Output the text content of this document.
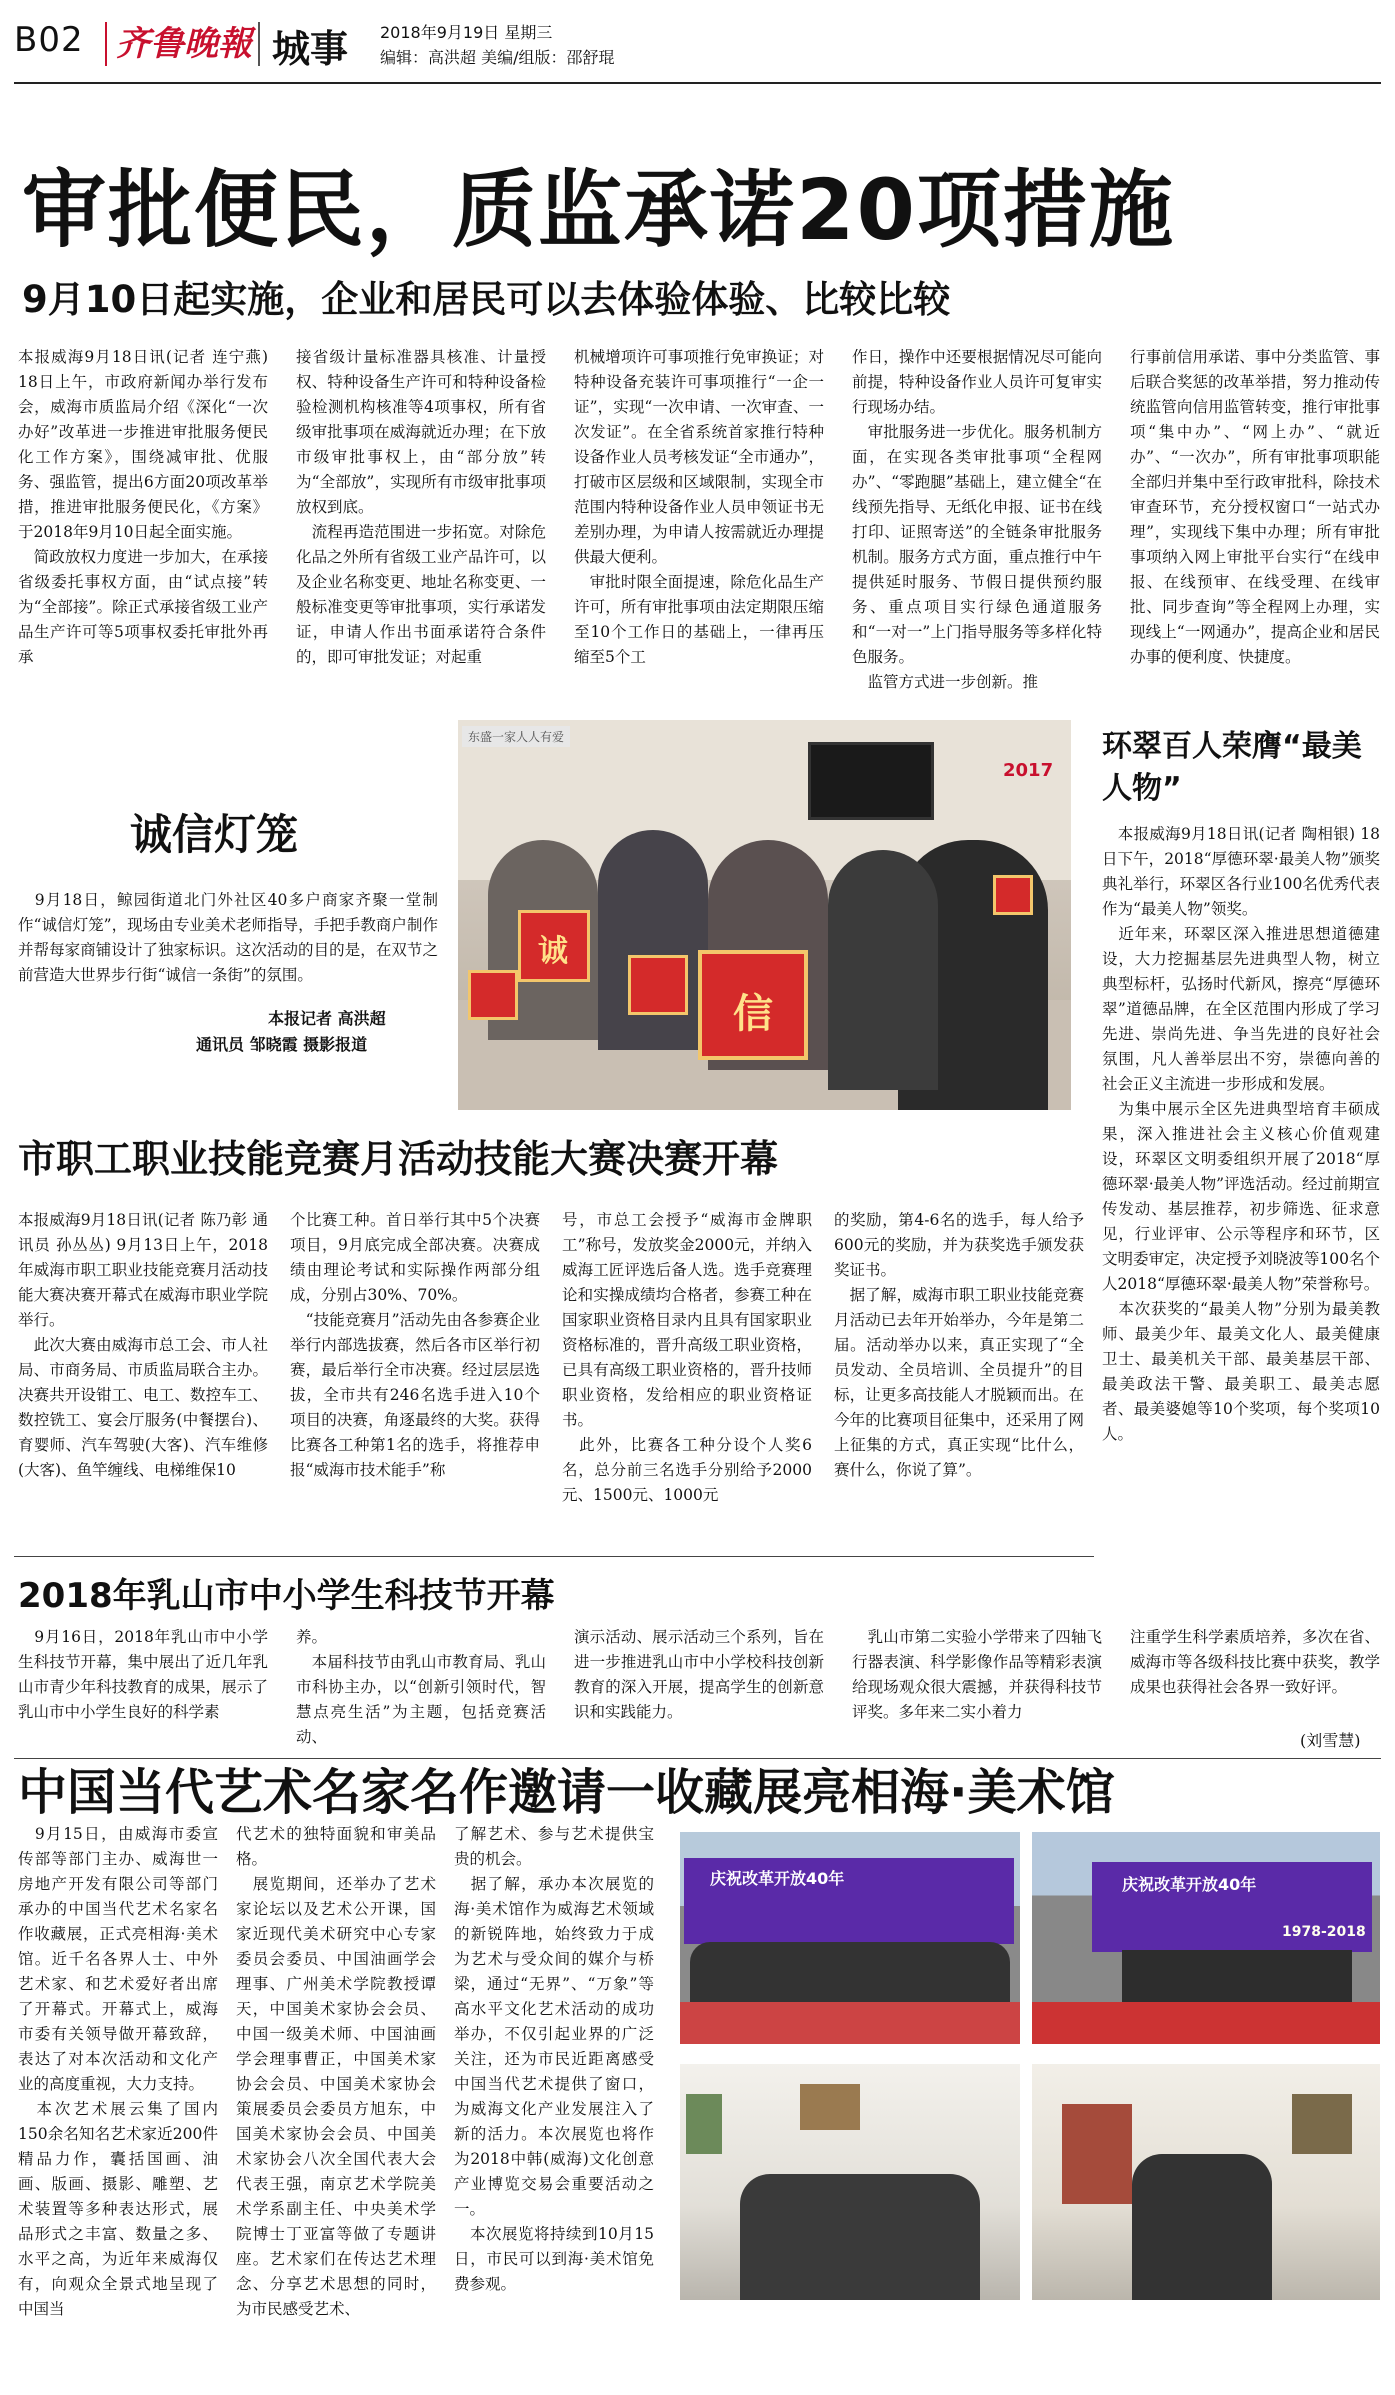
B02 齐鲁晚報 城事 2018年9月19日 星期三
编辑：高洪超 美编/组版：邵舒琨
审批便民，质监承诺20项措施
9月10日起实施，企业和居民可以去体验体验、比较比较
本报威海9月18日讯(记者 连宁燕) 18日上午，市政府新闻办举行发布会，威海市质监局介绍《深化“一次办好”改革进一步推进审批服务便民化工作方案》，围绕减审批、优服务、强监管，提出6方面20项改革举措，推进审批服务便民化，《方案》于2018年9月10日起全面实施。
　简政放权力度进一步加大，在承接省级委托事权方面，由“试点接”转为“全部接”。除正式承接省级工业产品生产许可等5项事权委托审批外再承
接省级计量标准器具核准、计量授权、特种设备生产许可和特种设备检验检测机构核准等4项事权，所有省级审批事项在威海就近办理；在下放市级审批事权上，由“部分放”转为“全部放”，实现所有市级审批事项放权到底。
　流程再造范围进一步拓宽。对除危化品之外所有省级工业产品许可，以及企业名称变更、地址名称变更、一般标准变更等审批事项，实行承诺发证，申请人作出书面承诺符合条件的，即可审批发证；对起重
机械增项许可事项推行免审换证；对特种设备充装许可事项推行“一企一证”，实现“一次申请、一次审查、一次发证”。在全省系统首家推行特种设备作业人员考核发证“全市通办”，打破市区层级和区域限制，实现全市范围内特种设备作业人员申领证书无差别办理，为申请人按需就近办理提供最大便利。
　审批时限全面提速，除危化品生产许可，所有审批事项由法定期限压缩至10个工作日的基础上，一律再压缩至5个工
作日，操作中还要根据情况尽可能向前提，特种设备作业人员许可复审实行现场办结。
　审批服务进一步优化。服务机制方面，在实现各类审批事项“全程网办”、“零跑腿”基础上，建立健全“在线预先指导、无纸化申报、证书在线打印、证照寄送”的全链条审批服务机制。服务方式方面，重点推行中午提供延时服务、节假日提供预约服务、重点项目实行绿色通道服务和“一对一”上门指导服务等多样化特色服务。
　监管方式进一步创新。推
行事前信用承诺、事中分类监管、事后联合奖惩的改革举措，努力推动传统监管向信用监管转变，推行审批事项“集中办”、“网上办”、“就近办”、“一次办”，所有审批事项职能全部归并集中至行政审批科，除技术审查环节，充分授权窗口“一站式办理”，实现线下集中办理；所有审批事项纳入网上审批平台实行“在线申报、在线预审、在线受理、在线审批、同步查询”等全程网上办理，实现线上“一网通办”，提高企业和居民办事的便利度、快捷度。
诚信灯笼
　9月18日，鲸园街道北门外社区40多户商家齐聚一堂制作“诚信灯笼”，现场由专业美术老师指导，手把手教商户制作并帮每家商铺设计了独家标识。这次活动的目的是，在双节之前营造大世界步行街“诚信一条街”的氛围。
本报记者 高洪超
通讯员 邹晓霞 摄影报道
东盛一家人人有爱
2017
信
诚
环翠百人荣膺“最美人物”
　本报威海9月18日讯(记者 陶相银) 18日下午，2018“厚德环翠·最美人物”颁奖典礼举行，环翠区各行业100名优秀代表作为“最美人物”领奖。
　近年来，环翠区深入推进思想道德建设，大力挖掘基层先进典型人物，树立典型标杆，弘扬时代新风，擦亮“厚德环翠”道德品牌，在全区范围内形成了学习先进、崇尚先进、争当先进的良好社会氛围，凡人善举层出不穷，崇德向善的社会正义主流进一步形成和发展。
　为集中展示全区先进典型培育丰硕成果，深入推进社会主义核心价值观建设，环翠区文明委组织开展了2018“厚德环翠·最美人物”评选活动。经过前期宣传发动、基层推荐，初步筛选、征求意见，行业评审、公示等程序和环节，区文明委审定，决定授予刘晓波等100名个人2018“厚德环翠·最美人物”荣誉称号。
　本次获奖的“最美人物”分别为最美教师、最美少年、最美文化人、最美健康卫士、最美机关干部、最美基层干部、最美政法干警、最美职工、最美志愿者、最美婆媳等10个奖项，每个奖项10人。
市职工职业技能竞赛月活动技能大赛决赛开幕
本报威海9月18日讯(记者 陈乃彰 通讯员 孙丛丛) 9月13日上午，2018年威海市职工职业技能竞赛月活动技能大赛决赛开幕式在威海市职业学院举行。
　此次大赛由威海市总工会、市人社局、市商务局、市质监局联合主办。决赛共开设钳工、电工、数控车工、数控铣工、宴会厅服务(中餐摆台)、育婴师、汽车驾驶(大客)、汽车维修(大客)、鱼竿缠线、电梯维保10
个比赛工种。首日举行其中5个决赛项目，9月底完成全部决赛。决赛成绩由理论考试和实际操作两部分组成，分别占30%、70%。
　“技能竞赛月”活动先由各参赛企业举行内部选拔赛，然后各市区举行初赛，最后举行全市决赛。经过层层选拔，全市共有246名选手进入10个项目的决赛，角逐最终的大奖。获得比赛各工种第1名的选手，将推荐申报“威海市技术能手”称
号，市总工会授予“威海市金牌职工”称号，发放奖金2000元，并纳入威海工匠评选后备人选。选手竞赛理论和实操成绩均合格者，参赛工种在国家职业资格目录内且具有国家职业资格标准的，晋升高级工职业资格，已具有高级工职业资格的，晋升技师职业资格，发给相应的职业资格证书。
　此外，比赛各工种分设个人奖6名，总分前三名选手分别给予2000元、1500元、1000元
的奖励，第4-6名的选手，每人给予600元的奖励，并为获奖选手颁发获奖证书。
　据了解，威海市职工职业技能竞赛月活动已去年开始举办，今年是第二届。活动举办以来，真正实现了“全员发动、全员培训、全员提升”的目标，让更多高技能人才脱颖而出。在今年的比赛项目征集中，还采用了网上征集的方式，真正实现“比什么，赛什么，你说了算”。
2018年乳山市中小学生科技节开幕
　9月16日，2018年乳山市中小学生科技节开幕，集中展出了近几年乳山市青少年科技教育的成果，展示了乳山市中小学生良好的科学素
养。
　本届科技节由乳山市教育局、乳山市科协主办，以“创新引领时代，智慧点亮生活”为主题，包括竞赛活动、
演示活动、展示活动三个系列，旨在进一步推进乳山市中小学校科技创新教育的深入开展，提高学生的创新意识和实践能力。
　乳山市第二实验小学带来了四轴飞行器表演、科学影像作品等精彩表演给现场观众很大震撼，并获得科技节评奖。多年来二实小着力
注重学生科学素质培养，多次在省、威海市等各级科技比赛中获奖，教学成果也获得社会各界一致好评。
(刘雪慧)
中国当代艺术名家名作邀请一收藏展亮相海·美术馆
　9月15日，由威海市委宣传部等部门主办、威海世一房地产开发有限公司等部门承办的中国当代艺术名家名作收藏展，正式亮相海·美术馆。近千名各界人士、中外艺术家、和艺术爱好者出席了开幕式。开幕式上，威海市委有关领导做开幕致辞，表达了对本次活动和文化产业的高度重视，大力支持。
　本次艺术展云集了国内150余名知名艺术家近200件精品力作，囊括国画、油画、版画、摄影、雕塑、艺术装置等多种表达形式，展品形式之丰富、数量之多、水平之高，为近年来威海仅有，向观众全景式地呈现了中国当
代艺术的独特面貌和审美品格。
　展览期间，还举办了艺术家论坛以及艺术公开课，国家近现代美术研究中心专家委员会委员、中国油画学会理事、广州美术学院教授谭天，中国美术家协会会员、中国一级美术师、中国油画学会理事曹正，中国美术家协会会员、中国美术家协会策展委员会委员方旭东，中国美术家协会会员、中国美术家协会八次全国代表大会代表王强，南京艺术学院美术学系副主任、中央美术学院博士丁亚富等做了专题讲座。艺术家们在传达艺术理念、分享艺术思想的同时，为市民感受艺术、
了解艺术、参与艺术提供宝贵的机会。
　据了解，承办本次展览的海·美术馆作为威海艺术领域的新锐阵地，始终致力于成为艺术与受众间的媒介与桥梁，通过“无界”、“万象”等高水平文化艺术活动的成功举办，不仅引起业界的广泛关注，还为市民近距离感受中国当代艺术提供了窗口，为威海文化产业发展注入了新的活力。本次展览也将作为2018中韩(威海)文化创意产业博览交易会重要活动之一。
　本次展览将持续到10月15日，市民可以到海·美术馆免费参观。
庆祝改革开放40年	庆祝改革开放40年
1978-2018
